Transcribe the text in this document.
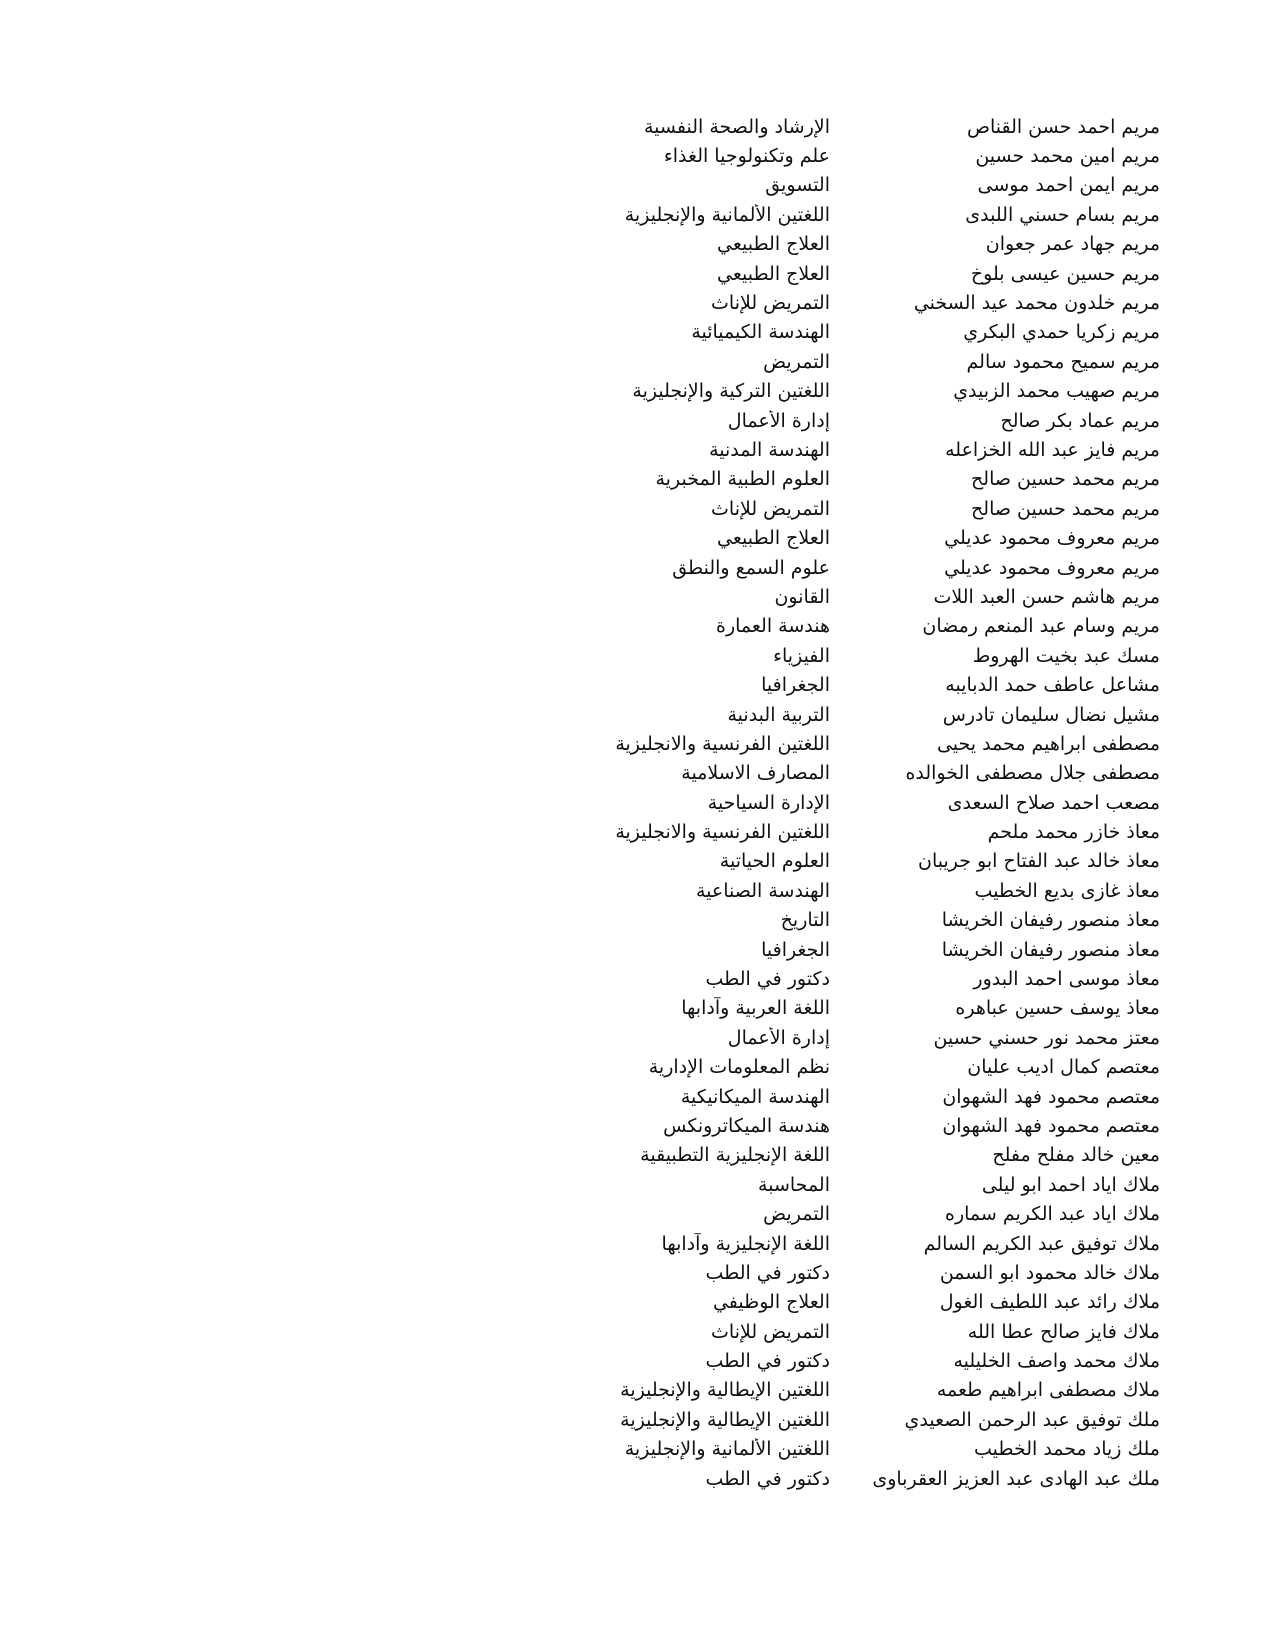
مريم احمد حسن القناص
الإرشاد والصحة النفسية
مريم امين محمد حسين
علم وتكنولوجيا الغذاء
مريم ايمن احمد موسى
التسويق
مريم بسام حسني اللبدى
اللغتين الألمانية والإنجليزية
مريم جهاد عمر جعوان
العلاج الطبيعي
مريم حسين عيسى بلوخ
العلاج الطبيعي
مريم خلدون محمد عيد السخني
التمريض للإناث
مريم زكريا حمدي البكري
الهندسة الكيميائية
مريم سميح محمود سالم
التمريض
مريم صهيب محمد الزبيدي
اللغتين التركية والإنجليزية
مريم عماد بكر صالح
إدارة الأعمال
مريم فايز عبد الله الخزاعله
الهندسة المدنية
مريم محمد حسين صالح
العلوم الطبية المخبرية
مريم محمد حسين صالح
التمريض للإناث
مريم معروف محمود عديلي
العلاج الطبيعي
مريم معروف محمود عديلي
علوم السمع والنطق
مريم هاشم حسن العبد اللات
القانون
مريم وسام عبد المنعم رمضان
هندسة العمارة
مسك عبد بخيت الهروط
الفيزياء
مشاعل عاطف حمد الدبايبه
الجغرافيا
مشيل نضال سليمان تادرس
التربية البدنية
مصطفى ابراهيم محمد يحيى
اللغتين الفرنسية والانجليزية
مصطفى جلال مصطفى الخوالده
المصارف الاسلامية
مصعب احمد صلاح السعدى
الإدارة السياحية
معاذ خازر محمد ملحم
اللغتين الفرنسية والانجليزية
معاذ خالد عبد الفتاح ابو جريبان
العلوم الحياتية
معاذ غازى بديع الخطيب
الهندسة الصناعية
معاذ منصور رفيفان الخريشا
التاريخ
معاذ منصور رفيفان الخريشا
الجغرافيا
معاذ موسى احمد البدور
دكتور في الطب
معاذ يوسف حسين عباهره
اللغة العربية وآدابها
معتز محمد نور حسني حسين
إدارة الأعمال
معتصم كمال اديب عليان
نظم المعلومات الإدارية
معتصم محمود فهد الشهوان
الهندسة الميكانيكية
معتصم محمود فهد الشهوان
هندسة الميكاترونكس
معين خالد مفلح مفلح
اللغة الإنجليزية التطبيقية
ملاك اياد احمد ابو ليلى
المحاسبة
ملاك اياد عبد الكريم سماره
التمريض
ملاك توفيق عبد الكريم السالم
اللغة الإنجليزية وآدابها
ملاك خالد محمود ابو السمن
دكتور في الطب
ملاك رائد عبد اللطيف الغول
العلاج الوظيفي
ملاك فايز صالح عطا الله
التمريض للإناث
ملاك محمد واصف الخليليه
دكتور في الطب
ملاك مصطفى ابراهيم طعمه
اللغتين الإيطالية والإنجليزية
ملك توفيق عبد الرحمن الصعيدي
اللغتين الإيطالية والإنجليزية
ملك زياد محمد الخطيب
اللغتين الألمانية والإنجليزية
ملك عبد الهادى عبد العزيز العقرباوى
دكتور في الطب
